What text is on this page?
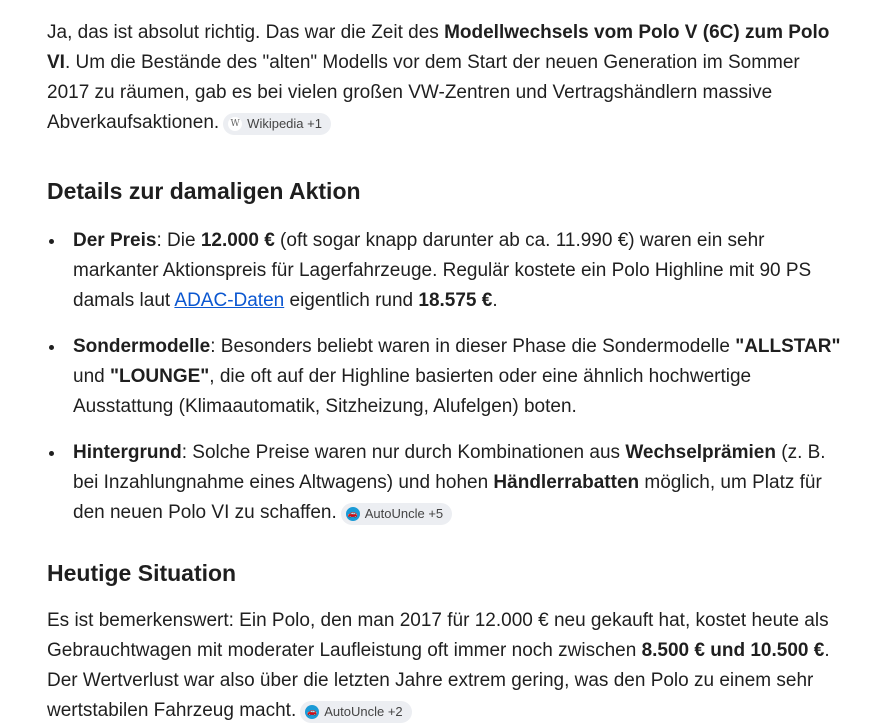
Ja, das ist absolut richtig. Das war die Zeit des Modellwechsels vom Polo V (6C) zum Polo VI. Um die Bestände des "alten" Modells vor dem Start der neuen Generation im Sommer 2017 zu räumen, gab es bei vielen großen VW-Zentren und Vertragshändlern massive Abverkaufsaktionen. W Wikipedia +1

Details zur damaligen Aktion
Der Preis: Die 12.000 € (oft sogar knapp darunter ab ca. 11.990 €) waren ein sehr markanter Aktionspreis für Lagerfahrzeuge. Regulär kostete ein Polo Highline mit 90 PS damals laut ADAC-Daten eigentlich rund 18.575 €.
Sondermodelle: Besonders beliebt waren in dieser Phase die Sondermodelle "ALLSTAR" und "LOUNGE", die oft auf der Highline basierten oder eine ähnlich hochwertige Ausstattung (Klimaautomatik, Sitzheizung, Alufelgen) boten.
Hintergrund: Solche Preise waren nur durch Kombinationen aus Wechselprämien (z. B. bei Inzahlungnahme eines Altwagens) und hohen Händlerrabatten möglich, um Platz für den neuen Polo VI zu schaffen. 🚗 AutoUncle +5
Heutige Situation

Es ist bemerkenswert: Ein Polo, den man 2017 für 12.000 € neu gekauft hat, kostet heute als Gebrauchtwagen mit moderater Laufleistung oft immer noch zwischen 8.500 € und 10.500 €. Der Wertverlust war also über die letzten Jahre extrem gering, was den Polo zu einem sehr wertstabilen Fahrzeug macht. 🚗 AutoUncle +2
